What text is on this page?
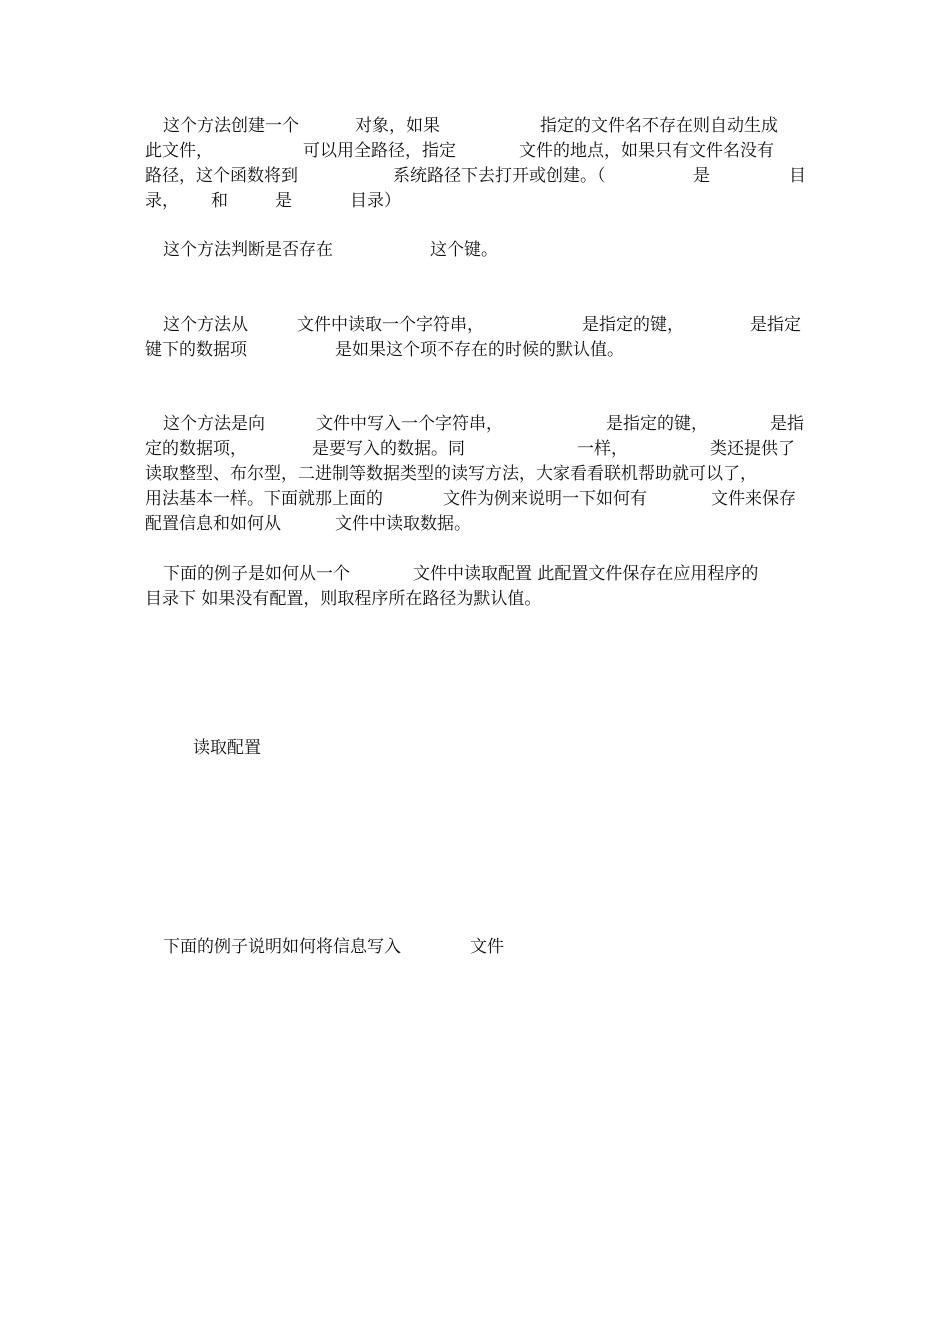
这个方法创建一个	对象，如果	指定的文件名不存在则自动生成
此文件，	可以用全路径，指定	文件的地点，如果只有文件名没有
路径，这个函数将到	系统路径下去打开或创建。（	是	目
录， 和	是	目录）
这个方法判断是否存在	这个键。
这个方法从	文件中读取一个字符串，	是指定的键，	是指定
键下的数据项	是如果这个项不存在的时候的默认值。
这个方法是向	文件中写入一个字符串，	是指定的键，	是指
定的数据项，	是要写入的数据。同	一样，	类还提供了
读取整型、布尔型，二进制等数据类型的读写方法，大家看看联机帮助就可以了，
用法基本一样。下面就那上面的	文件为例来说明一下如何有	文件来保存
配置信息和如何从	文件中读取数据。
下面的例子是如何从一个	文件中读取配置 此配置文件保存在应用程序的
目录下 如果没有配置，则取程序所在路径为默认值。
读取配置
下面的例子说明如何将信息写入	文件
